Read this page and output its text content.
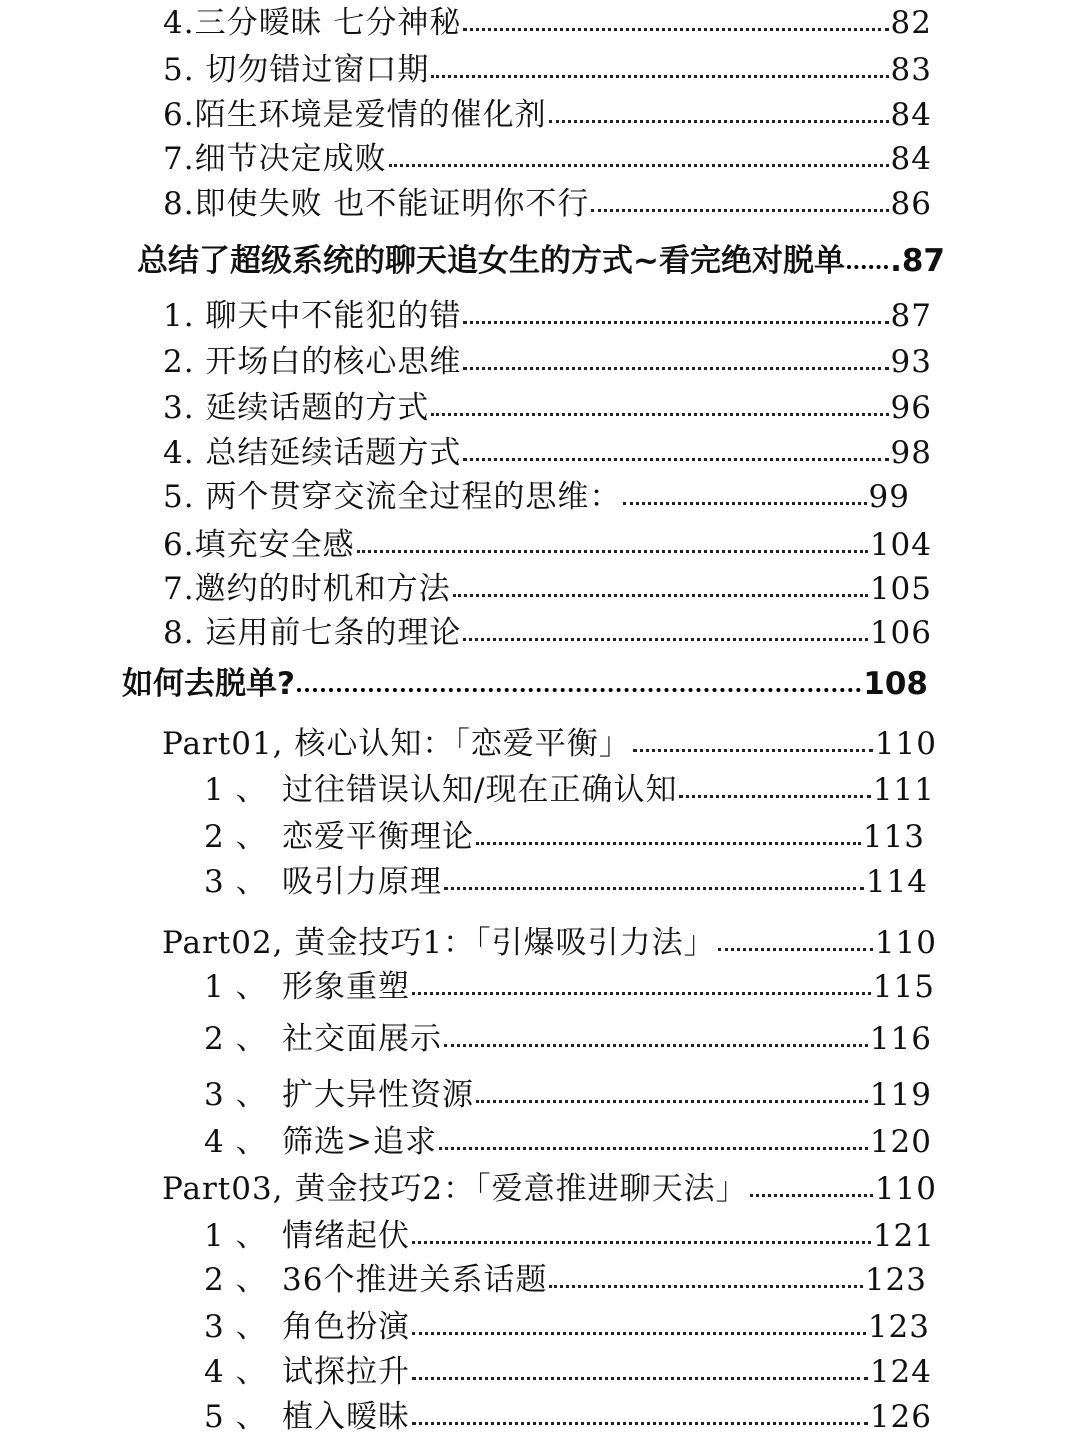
4.三分暧昧 七分神秘	82
5. 切勿错过窗口期	83
6.陌生环境是爱情的催化剂	84
7.细节决定成败	84
8.即使失败 也不能证明你不行	86
总结了超级系统的聊天追女生的方式~看完绝对脱单 .87
1. 聊天中不能犯的错	87
2. 开场白的核心思维	93
3. 延续话题的方式	96
4. 总结延续话题方式	98
5. 两个贯穿交流全过程的思维：	99
6.填充安全感	104
7.邀约的时机和方法	105
8. 运用前七条的理论	106
如何去脱单?	108
Part01, 核心认知：「恋爱平衡」	110
1 、 过往错误认知/现在正确认知	111
2 、 恋爱平衡理论	113
3 、 吸引力原理	114
Part02, 黄金技巧1：「引爆吸引力法」	110
1 、 形象重塑	115
2 、 社交面展示	116
3 、 扩大异性资源	119
4 、 筛选>追求	120
Part03, 黄金技巧2：「爱意推进聊天法」	110
1 、 情绪起伏	121
2 、 36个推进关系话题	123
3 、 角色扮演	123
4 、 试探拉升	124
5 、 植入暧昧	126
